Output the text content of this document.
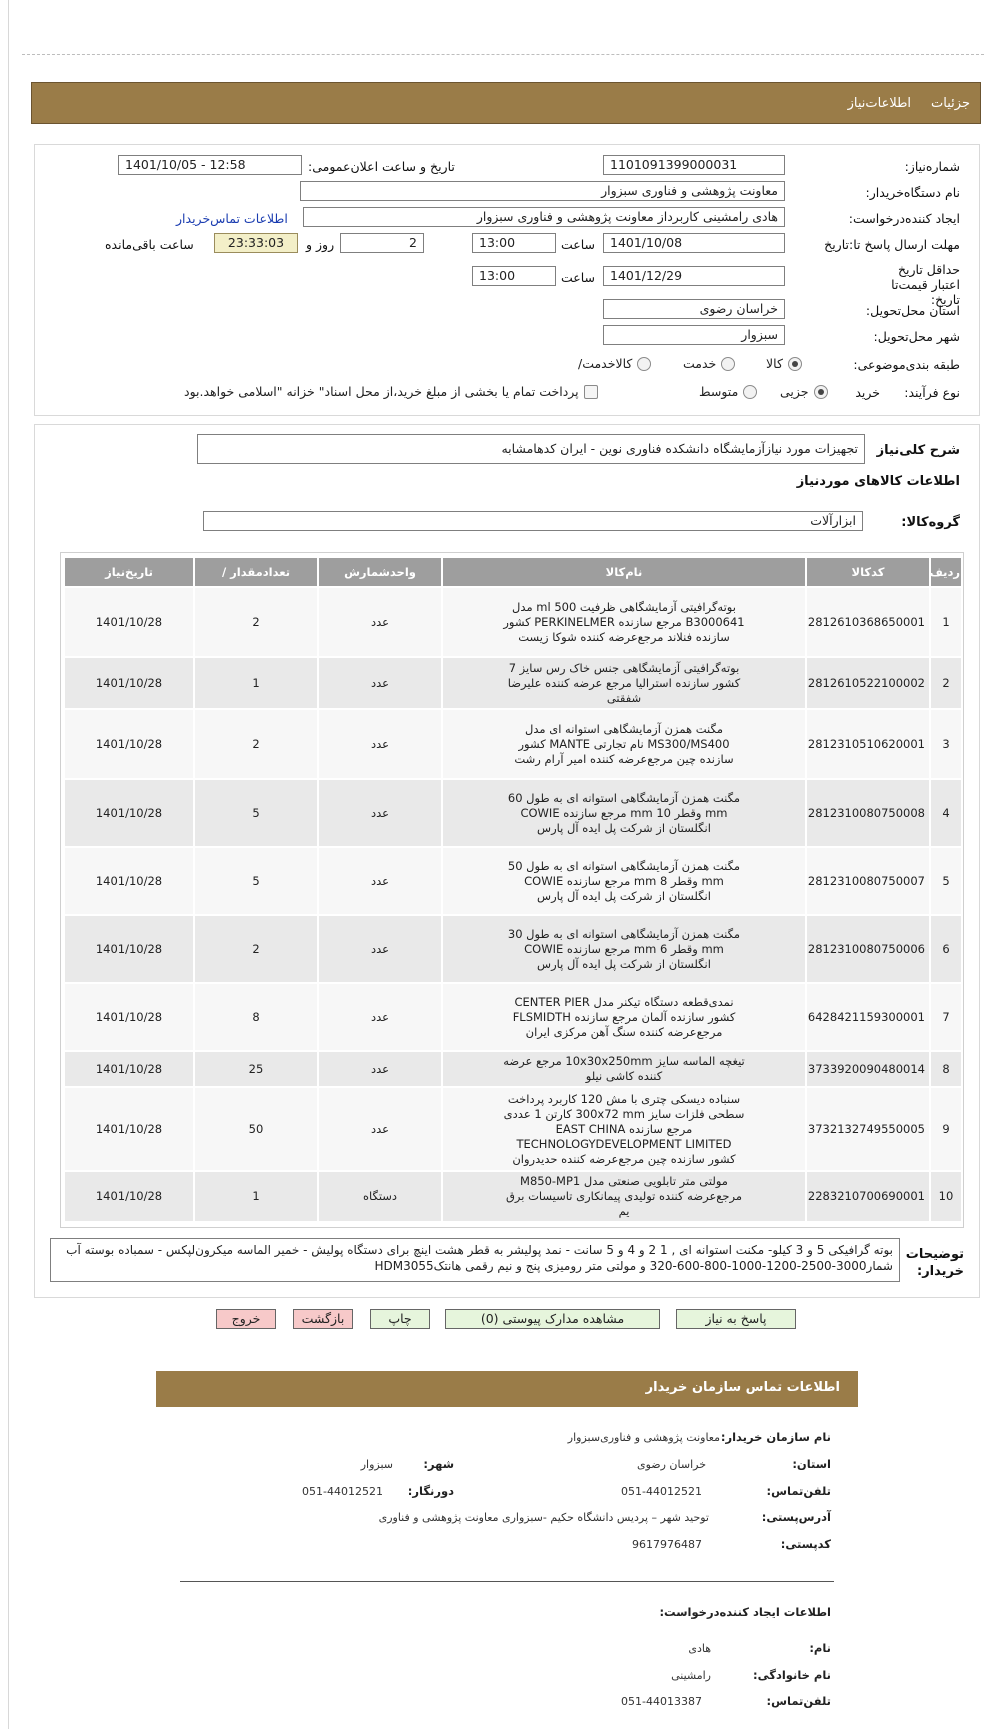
جزئیات
اطلاعات‌نیاز
شماره‌نیاز:
1101091399000031
تاریخ و ساعت اعلان‌عمومی:
1401/10/05 - 12:58
نام دستگاه‌خریدار:
معاونت پژوهشی و فناوری سبزوار
ایجاد کننده‌درخواست:
هادی رامشینی کاربرداز معاونت پژوهشی و فناوری سبزوار
اطلاعات تماس‌خریدار
مهلت ارسال پاسخ تا:تاریخ
1401/10/08
ساعت
13:00
2
روز و
23:33:03
ساعت باقی‌مانده
حداقل تاریخ اعتبار قیمت‌تا تاریخ:
1401/12/29
ساعت
13:00
استان محل‌تحویل:
خراسان رضوی
شهر محل‌تحویل:
سبزوار
طبقه بندی‌موضوعی:
کالا
خدمت
کالا‌خدمت/
نوع فرآیند:
خرید
جزیی
متوسط
پرداخت تمام یا بخشی از مبلغ خرید،از محل اسناد" خزانه "اسلامی خواهد.بود
شرح کلی‌نیاز
تجهیزات مورد نیازآزمایشگاه دانشکده فناوری نوین - ایران کدهامشابه
اطلاعات کالاهای موردنیاز
گروه‌کالا:
ابزارآلات
ردیف	کدکالا	نام‌کالا	واحدشمارش	تعدادمقدار /	تاریخ‌نیاز
1	2812610368650001	بوته‌گرافیتی آزمایشگاهی ظرفیت 500 ml مدل B3000641 مرجع سازنده PERKINELMER کشور سازنده فنلاند مرجع‌عرضه کننده شوکا زیست	عدد	2	1401/10/28
2	2812610522100002	بوته‌گرافیتی آزمایشگاهی جنس خاک رس سایز 7 کشور سازنده استرالیا مرجع عرضه کننده علیرضا شفقتی	عدد	1	1401/10/28
3	2812310510620001	مگنت همزن آزمایشگاهی استوانه ای مدل MS300/MS400 نام تجارتی MANTE کشور سازنده چین مرجع‌عرضه کننده امیر آرام رشت	عدد	2	1401/10/28
4	2812310080750008	مگنت همزن آزمایشگاهی استوانه ای به طول 60 mm وقطر 10 mm مرجع سازنده COWIE انگلستان از شرکت پل ایده آل پارس	عدد	5	1401/10/28
5	2812310080750007	مگنت همزن آزمایشگاهی استوانه ای به طول 50 mm وقطر 8 mm مرجع سازنده COWIE انگلستان از شرکت پل ایده آل پارس	عدد	5	1401/10/28
6	2812310080750006	مگنت همزن آزمایشگاهی استوانه ای به طول 30 mm وقطر 6 mm مرجع سازنده COWIE انگلستان از شرکت پل ایده آل پارس	عدد	2	1401/10/28
7	6428421159300001	نمدی‌قطعه دستگاه تیکنر مدل CENTER PIER کشور سازنده آلمان مرجع سازنده FLSMIDTH مرجع‌عرضه کننده سنگ آهن مرکزی ایران	عدد	8	1401/10/28
8	3733920090480014	تیغچه الماسه سایز 10x30x250mm مرجع عرضه کننده کاشی نیلو	عدد	25	1401/10/28
9	3732132749550005	سنباده دیسکی چتری با مش 120 کاربرد پرداخت سطحی فلزات سایز 300x72 mm کارتن 1 عددی مرجع سازنده EAST CHINA TECHNOLOGYDEVELOPMENT LIMITED کشور سازنده چین مرجع‌عرضه کننده حدیدروان	عدد	50	1401/10/28
10	2283210700690001	مولتی متر تابلویی صنعتی مدل M850-MP1 مرجع‌عرضه کننده تولیدی پیمانکاری تاسیسات برق یم	دستگاه	1	1401/10/28
توضیحات خریدار:
بوته گرافیکی 5 و 3 کیلو- مکنت استوانه ای , 1 2 و 4 و 5 سانت - نمد پولیشر به قطر هشت اینچ برای دستگاه پولیش - خمیر الماسه میکرون‌لپکس - سمباده بوسته آب شمار3000-2500-1200-1000-800-600-320 و مولتی متر رومیزی پنج و نیم رقمی هانتکHDM3055
پاسخ به نیاز
مشاهده مدارک پیوستی (0)
چاپ
بازگشت
خروج
اطلاعات تماس سازمان خریدار
نام سازمان خریدار:
معاونت پژوهشی و فناوری‌سبزوار
استان:
خراسان رضوی
شهر:
سبزوار
تلفن‌تماس:
051-44012521
دورنگار:
051-44012521
آدرس‌پستی:
توحید شهر – پردیس دانشگاه حکیم -سبزواری معاونت پژوهشی و فناوری
کدپستی:
9617976487
اطلاعات ایجاد کننده‌درخواست:
نام:
هادی
نام خانوادگی:
رامشینی
تلفن‌تماس:
051-44013387
